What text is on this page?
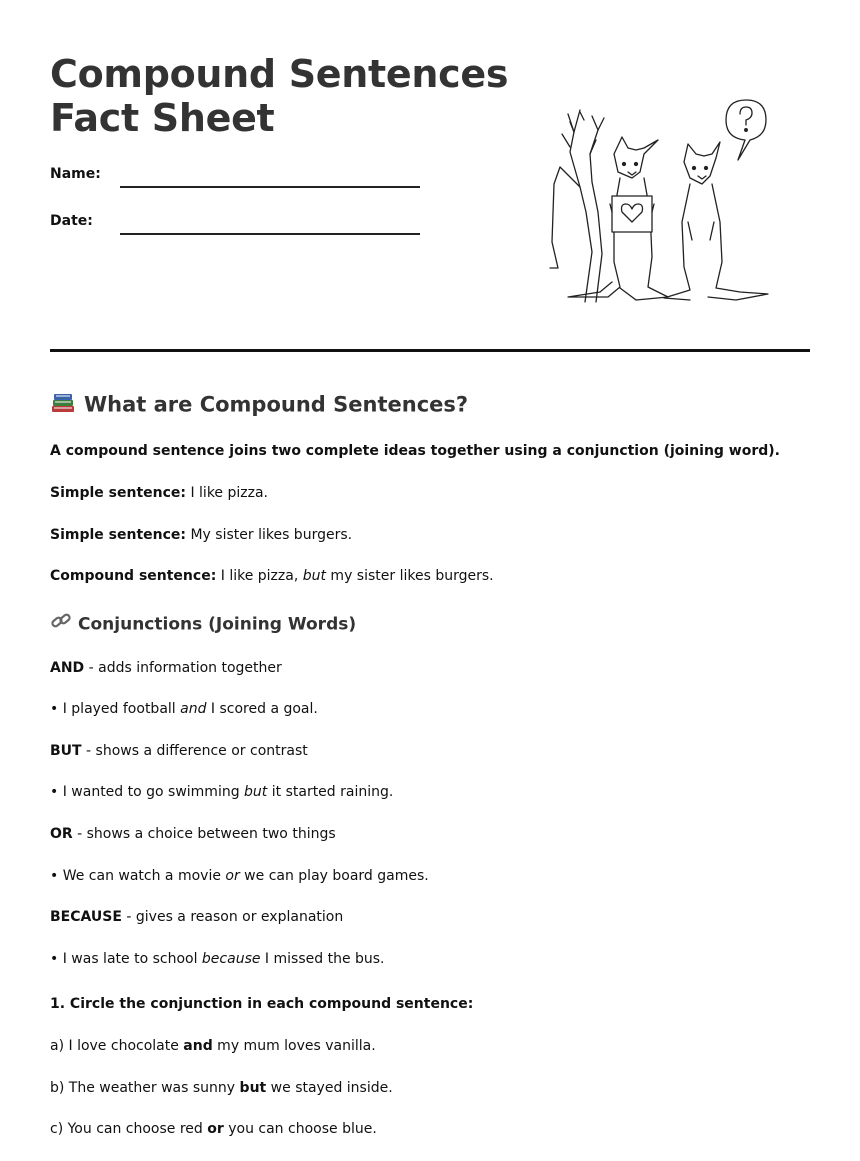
Compound Sentences
Fact Sheet
Name:
Date:
What are Compound Sentences?

A compound sentence joins two complete ideas together using a conjunction (joining word).

Simple sentence: I like pizza.

Simple sentence: My sister likes burgers.

Compound sentence: I like pizza, but my sister likes burgers.

Conjunctions (Joining Words)

AND - adds information together

• I played football and I scored a goal.

BUT - shows a difference or contrast

• I wanted to go swimming but it started raining.

OR - shows a choice between two things

• We can watch a movie or we can play board games.

BECAUSE - gives a reason or explanation

• I was late to school because I missed the bus.

1. Circle the conjunction in each compound sentence:

a) I love chocolate and my mum loves vanilla.

b) The weather was sunny but we stayed inside.

c) You can choose red or you can choose blue.
